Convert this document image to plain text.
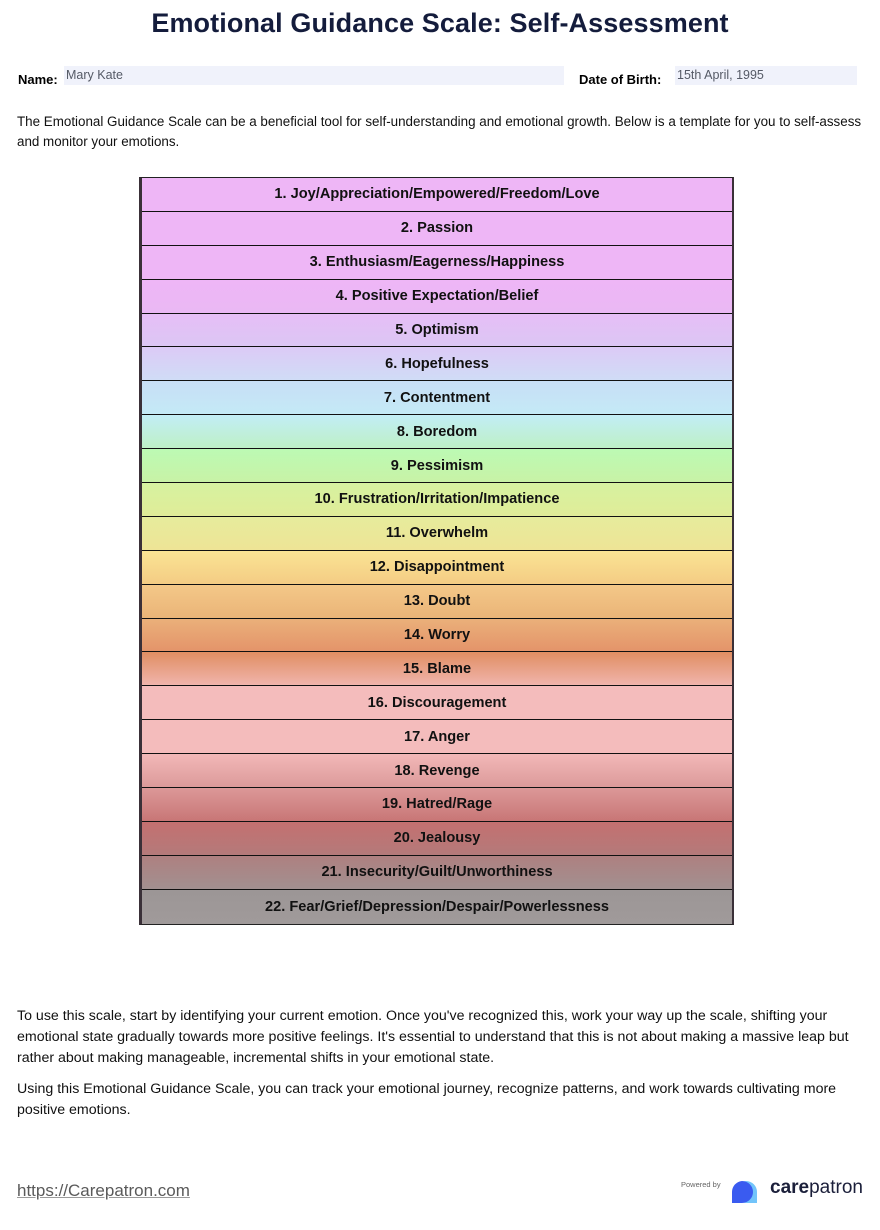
Emotional Guidance Scale: Self-Assessment
Name: Mary Kate	Date of Birth: 15th April, 1995
The Emotional Guidance Scale can be a beneficial tool for self-understanding and emotional growth. Below is a template for you to self-assess and monitor your emotions.
1. Joy/Appreciation/Empowered/Freedom/Love
2. Passion
3. Enthusiasm/Eagerness/Happiness
4. Positive Expectation/Belief
5. Optimism
6. Hopefulness
7. Contentment
8. Boredom
9. Pessimism
10. Frustration/Irritation/Impatience
11. Overwhelm
12. Disappointment
13. Doubt
14. Worry
15. Blame
16. Discouragement
17. Anger
18. Revenge
19. Hatred/Rage
20. Jealousy
21. Insecurity/Guilt/Unworthiness
22. Fear/Grief/Depression/Despair/Powerlessness

To use this scale, start by identifying your current emotion. Once you've recognized this, work your way up the scale, shifting your emotional state gradually towards more positive feelings. It's essential to understand that this is not about making a massive leap but rather about making manageable, incremental shifts in your emotional state.

Using this Emotional Guidance Scale, you can track your emotional journey, recognize patterns, and work towards cultivating more positive emotions.

https://Carepatron.com	Powered by	carepatron
